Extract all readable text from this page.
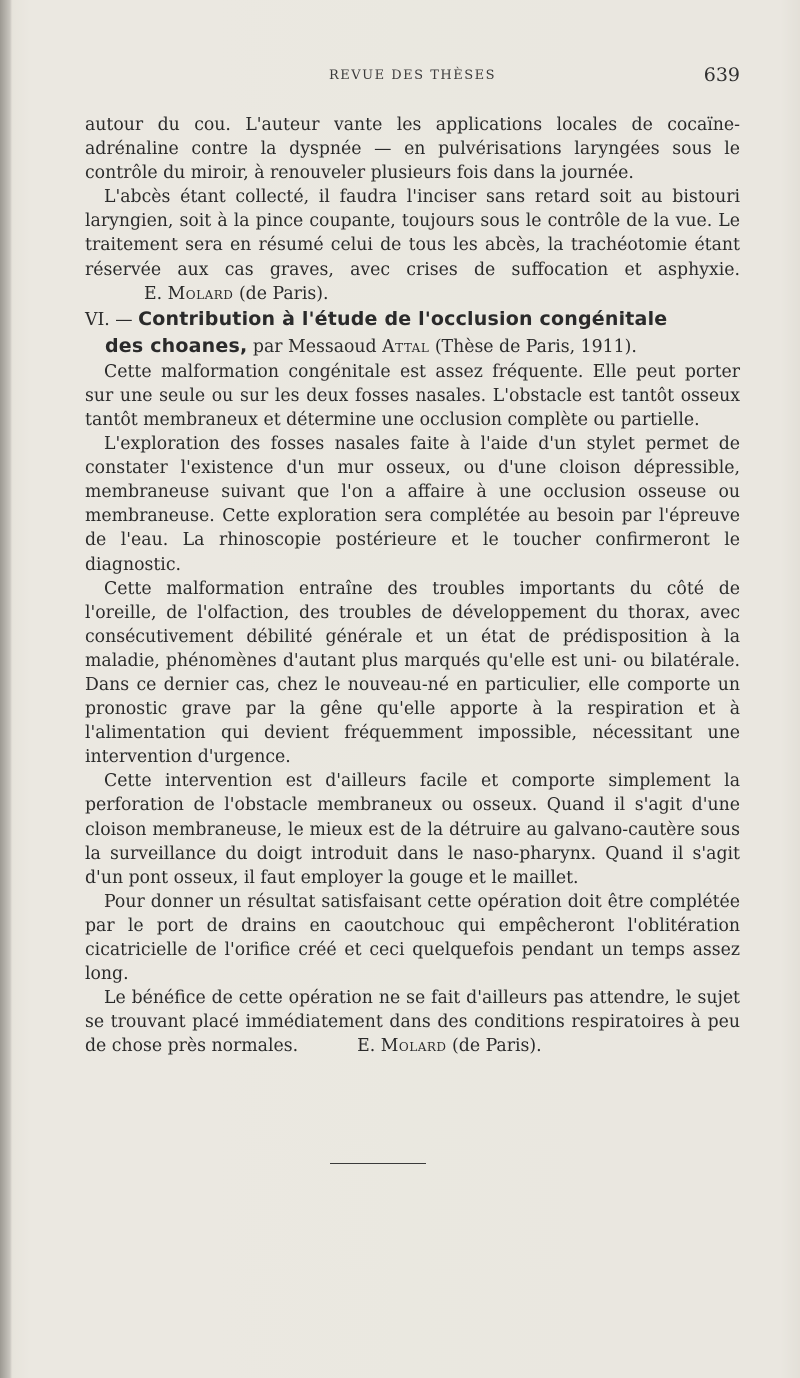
REVUE DES THÈSES	639

autour du cou. L'auteur vante les applications locales de cocaïne-adrénaline contre la dyspnée — en pulvérisations laryngées sous le contrôle du miroir, à renouveler plusieurs fois dans la journée.

L'abcès étant collecté, il faudra l'inciser sans retard soit au bistouri laryngien, soit à la pince coupante, toujours sous le contrôle de la vue. Le traitement sera en résumé celui de tous les abcès, la trachéotomie étant réservée aux cas graves, avec crises de suffocation et asphyxie.E. Molard (de Paris).

VI. — Contribution à l'étude de l'occlusion congénitale
des choanes, par Messaoud Attal (Thèse de Paris, 1911).

Cette malformation congénitale est assez fréquente. Elle peut porter sur une seule ou sur les deux fosses nasales. L'obstacle est tantôt osseux tantôt membraneux et détermine une occlusion complète ou partielle.

L'exploration des fosses nasales faite à l'aide d'un stylet permet de constater l'existence d'un mur osseux, ou d'une cloison dépressible, membraneuse suivant que l'on a affaire à une occlusion osseuse ou membraneuse. Cette exploration sera complétée au besoin par l'épreuve de l'eau. La rhinoscopie postérieure et le toucher confirmeront le diagnostic.

Cette malformation entraîne des troubles importants du côté de l'oreille, de l'olfaction, des troubles de développement du thorax, avec consécutivement débilité générale et un état de prédisposition à la maladie, phénomènes d'autant plus marqués qu'elle est uni- ou bilatérale. Dans ce dernier cas, chez le nouveau-né en particulier, elle comporte un pronostic grave par la gêne qu'elle apporte à la respiration et à l'alimentation qui devient fréquemment impossible, nécessitant une intervention d'urgence.

Cette intervention est d'ailleurs facile et comporte simplement la perforation de l'obstacle membraneux ou osseux. Quand il s'agit d'une cloison membraneuse, le mieux est de la détruire au galvano-cautère sous la surveillance du doigt introduit dans le naso-pharynx. Quand il s'agit d'un pont osseux, il faut employer la gouge et le maillet.

Pour donner un résultat satisfaisant cette opération doit être complétée par le port de drains en caoutchouc qui empêcheront l'oblitération cicatricielle de l'orifice créé et ceci quelquefois pendant un temps assez long.

Le bénéfice de cette opération ne se fait d'ailleurs pas attendre, le sujet se trouvant placé immédiatement dans des conditions respiratoires à peu de chose près normales.	E. Molard (de Paris).
